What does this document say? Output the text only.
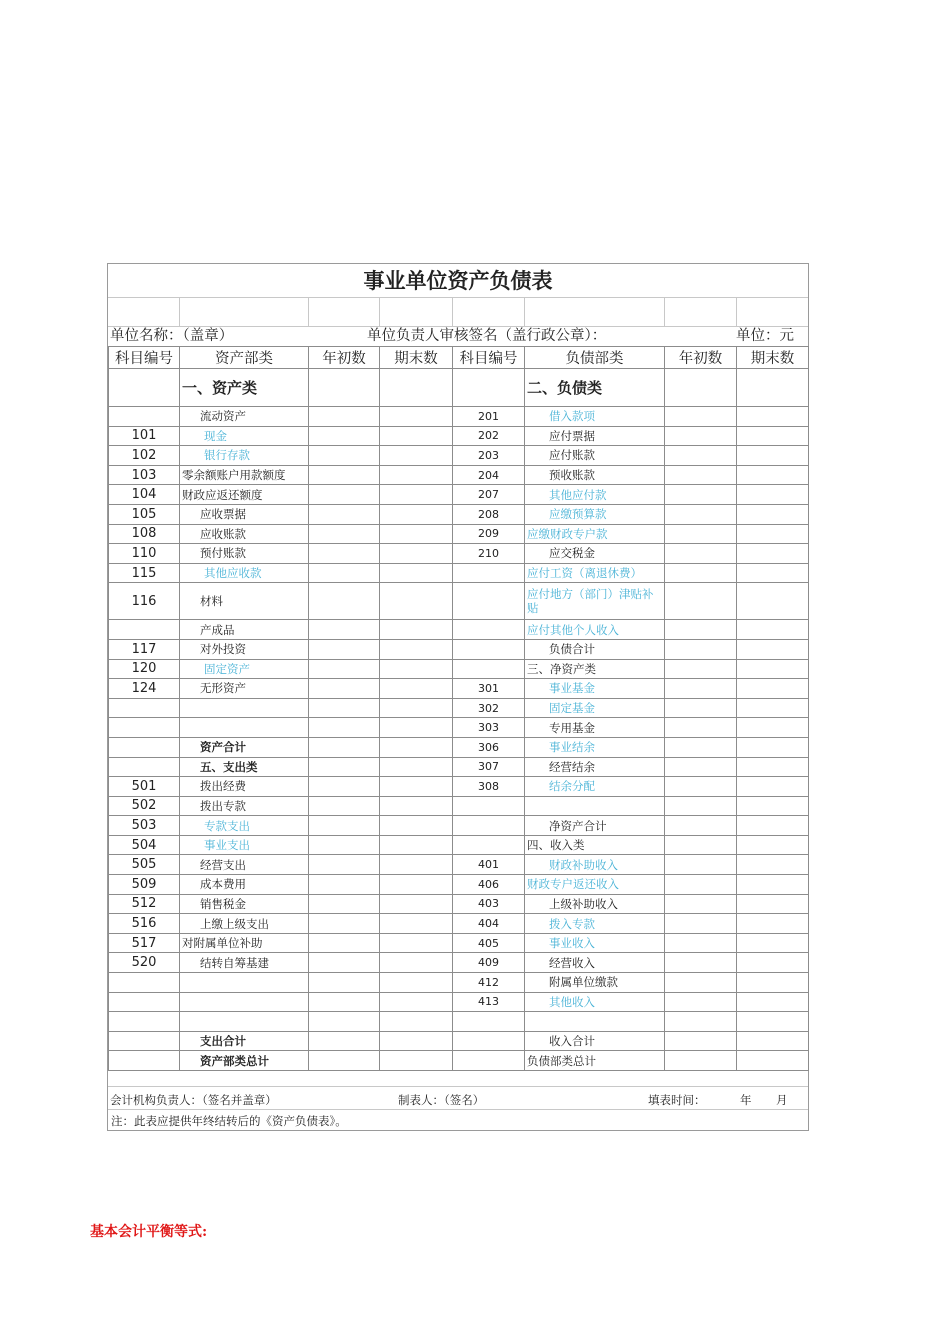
事业单位资产负债表
单位名称：（盖章）	单位负责人审核签名（盖行政公章）：	单位：元
科目编号	资产部类	年初数	期末数	科目编号	负债部类	年初数	期末数
	一、资产类				二、负债类		
	流动资产			201	借入款项		
101	现金			202	应付票据		
102	银行存款			203	应付账款		
103	零余额账户用款额度			204	预收账款		
104	财政应返还额度			207	其他应付款		
105	应收票据			208	应缴预算款		
108	应收账款			209	应缴财政专户款		
110	预付账款			210	应交税金		
115	其他应收款				应付工资（离退休费）		
116	材料				应付地方（部门）津贴补贴		
	产成品				应付其他个人收入		
117	对外投资				负债合计		
120	固定资产				三、净资产类		
124	无形资产			301	事业基金		
				302	固定基金		
				303	专用基金		
	资产合计			306	事业结余		
	五、支出类			307	经营结余		
501	拨出经费			308	结余分配		
502	拨出专款						
503	专款支出				净资产合计		
504	事业支出				四、收入类		
505	经营支出			401	财政补助收入		
509	成本费用			406	财政专户返还收入		
512	销售税金			403	上级补助收入		
516	上缴上级支出			404	拨入专款		
517	对附属单位补助			405	事业收入		
520	结转自筹基建			409	经营收入		
				412	附属单位缴款		
				413	其他收入		

	支出合计				收入合计		
	资产部类总计				负债部类总计		
会计机构负责人：（签名并盖章）	制表人：（签名）	填表时间：	年 月
注：此表应提供年终结转后的《资产负债表》。
基本会计平衡等式:
